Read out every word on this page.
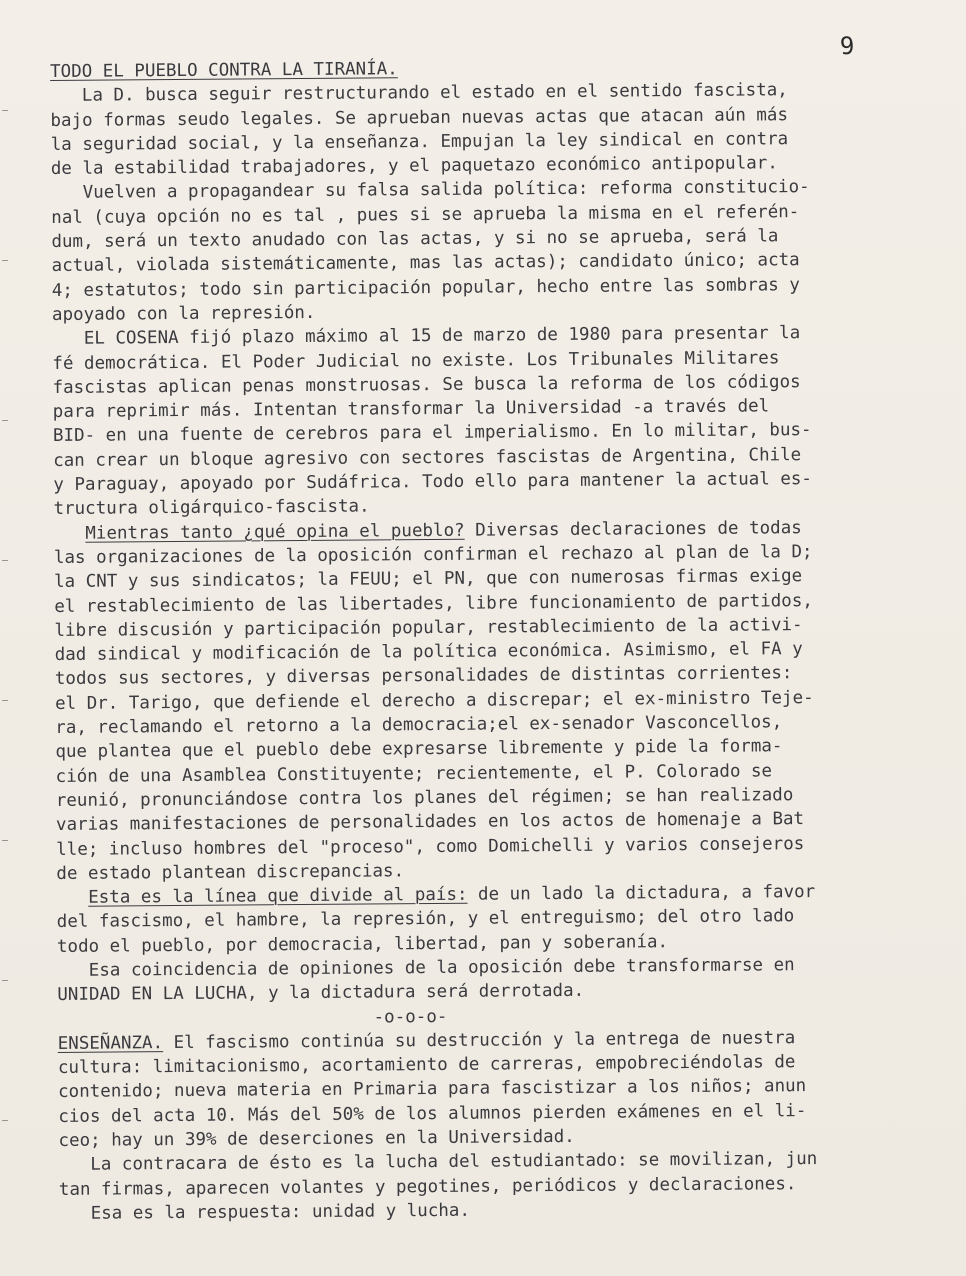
9
TODO EL PUEBLO CONTRA LA TIRANÍA.
La D. busca seguir restructurando el estado en el sentido fascista,
bajo formas seudo legales. Se aprueban nuevas actas que atacan aún más
la seguridad social, y la enseñanza. Empujan la ley sindical en contra
de la estabilidad trabajadores, y el paquetazo económico antipopular.
Vuelven a propagandear su falsa salida política: reforma constitucio-
nal (cuya opción no es tal , pues si se aprueba la misma en el referén-
dum, será un texto anudado con las actas, y si no se aprueba, será la
actual, violada sistemáticamente, mas las actas); candidato único; acta
4; estatutos; todo sin participación popular, hecho entre las sombras y
apoyado con la represión.
EL COSENA fijó plazo máximo al 15 de marzo de 1980 para presentar la
fé democrática. El Poder Judicial no existe. Los Tribunales Militares
fascistas aplican penas monstruosas. Se busca la reforma de los códigos
para reprimir más. Intentan transformar la Universidad -a través del
BID- en una fuente de cerebros para el imperialismo. En lo militar, bus-
can crear un bloque agresivo con sectores fascistas de Argentina, Chile
y Paraguay, apoyado por Sudáfrica. Todo ello para mantener la actual es-
tructura oligárquico-fascista.
Mientras tanto ¿qué opina el pueblo? Diversas declaraciones de todas
las organizaciones de la oposición confirman el rechazo al plan de la D;
la CNT y sus sindicatos; la FEUU; el PN, que con numerosas firmas exige
el restablecimiento de las libertades, libre funcionamiento de partidos,
libre discusión y participación popular, restablecimiento de la activi-
dad sindical y modificación de la política económica. Asimismo, el FA y
todos sus sectores, y diversas personalidades de distintas corrientes:
el Dr. Tarigo, que defiende el derecho a discrepar; el ex-ministro Teje-
ra, reclamando el retorno a la democracia;el ex-senador Vasconcellos,
que plantea que el pueblo debe expresarse libremente y pide la forma-
ción de una Asamblea Constituyente; recientemente, el P. Colorado se
reunió, pronunciándose contra los planes del régimen; se han realizado
varias manifestaciones de personalidades en los actos de homenaje a Bat
lle; incluso hombres del "proceso", como Domichelli y varios consejeros
de estado plantean discrepancias.
Esta es la línea que divide al país: de un lado la dictadura, a favor
del fascismo, el hambre, la represión, y el entreguismo; del otro lado
todo el pueblo, por democracia, libertad, pan y soberanía.
Esa coincidencia de opiniones de la oposición debe transformarse en
UNIDAD EN LA LUCHA, y la dictadura será derrotada.
-o-o-o-
ENSEÑANZA. El fascismo continúa su destrucción y la entrega de nuestra
cultura: limitacionismo, acortamiento de carreras, empobreciéndolas de
contenido; nueva materia en Primaria para fascistizar a los niños; anun
cios del acta 10. Más del 50% de los alumnos pierden exámenes en el li-
ceo; hay un 39% de deserciones en la Universidad.
La contracara de ésto es la lucha del estudiantado: se movilizan, jun
tan firmas, aparecen volantes y pegotines, periódicos y declaraciones.
Esa es la respuesta: unidad y lucha.
